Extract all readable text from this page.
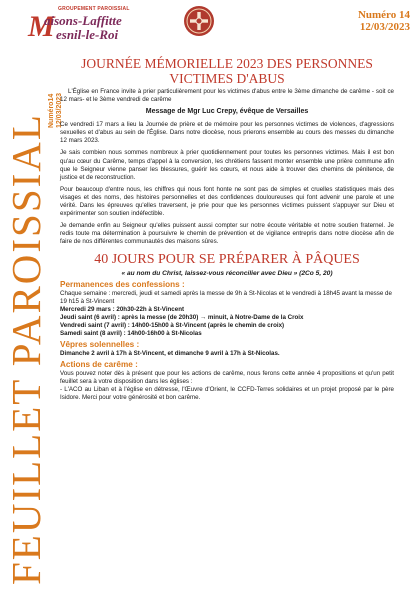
M
GROUPEMENT PAROISSIAL
aisons-Laffitte
esnil-le-Roi
Numéro 14
12/03/2023
Numéro14 12/03/2023
FEUILLET PAROISSIAL
JOURNÉE MÉMORIELLE 2023 DES PERSONNES
VICTIMES D'ABUS

L'Église en France invite à prier particulièrement pour les victimes d'abus entre le 3ème dimanche de carême - soit ce 12 mars- et le 3ème vendredi de carême

Message de Mgr Luc Crepy, évêque de Versailles

Ce vendredi 17 mars a lieu la Journée de prière et de mémoire pour les personnes victimes de violences, d'agressions sexuelles et d'abus au sein de l'Église. Dans notre diocèse, nous prierons ensemble au cours des messes du dimanche 12 mars 2023.

Je sais combien nous sommes nombreux à prier quotidiennement pour toutes les personnes victimes. Mais il est bon qu'au cœur du Carême, temps d'appel à la conversion, les chrétiens fassent monter ensemble une prière commune afin que le Seigneur vienne panser les blessures, guérir les cœurs, et nous aide à trouver des chemins de pénitence, de justice et de reconstruction.

Pour beaucoup d'entre nous, les chiffres qui nous font honte ne sont pas de simples et cruelles statistiques mais des visages et des noms, des histoires personnelles et des confidences douloureuses qui font advenir une parole et une vérité. Dans les épreuves qu'elles traversent, je prie pour que les personnes victimes puissent s'appuyer sur Dieu et expérimenter son soutien indéfectible.

Je demande enfin au Seigneur qu'elles puissent aussi compter sur notre écoute véritable et notre soutien fraternel. Je redis toute ma détermination à poursuivre le chemin de prévention et de vigilance entrepris dans notre diocèse afin de faire de nos différentes communautés des maisons sûres.

40 JOURS POUR SE PRÉPARER À PÂQUES
« au nom du Christ, laissez-vous réconcilier avec Dieu » (2Co 5, 20)
Permanences des confessions :

Chaque semaine : mercredi, jeudi et samedi après la messe de 9h à St-Nicolas et le vendredi à 18h45 avant la messe de 19 h15 à St-Vincent

Mercredi 29 mars : 20h30-22h à St-Vincent

Jeudi saint (6 avril) : après la messe (de 20h30) → minuit, à Notre-Dame de la Croix

Vendredi saint (7 avril) : 14h00-15h00 à St-Vincent (après le chemin de croix)

Samedi saint (8 avril) : 14h00-16h00 à St-Nicolas

Vêpres solennelles :

Dimanche 2 avril à 17h à St-Vincent, et dimanche 9 avril à 17h à St-Nicolas.

Actions de carême :

Vous pouvez noter dès à présent que pour les actions de carême, nous ferons cette année 4 propositions et qu'un petit feuillet sera à votre disposition dans les églises :

- L'ACO au Liban et à l'église en détresse, l'Œuvre d'Orient, le CCFD-Terres solidaires et un projet proposé par le père Isidore. Merci pour votre générosité et bon carême.
